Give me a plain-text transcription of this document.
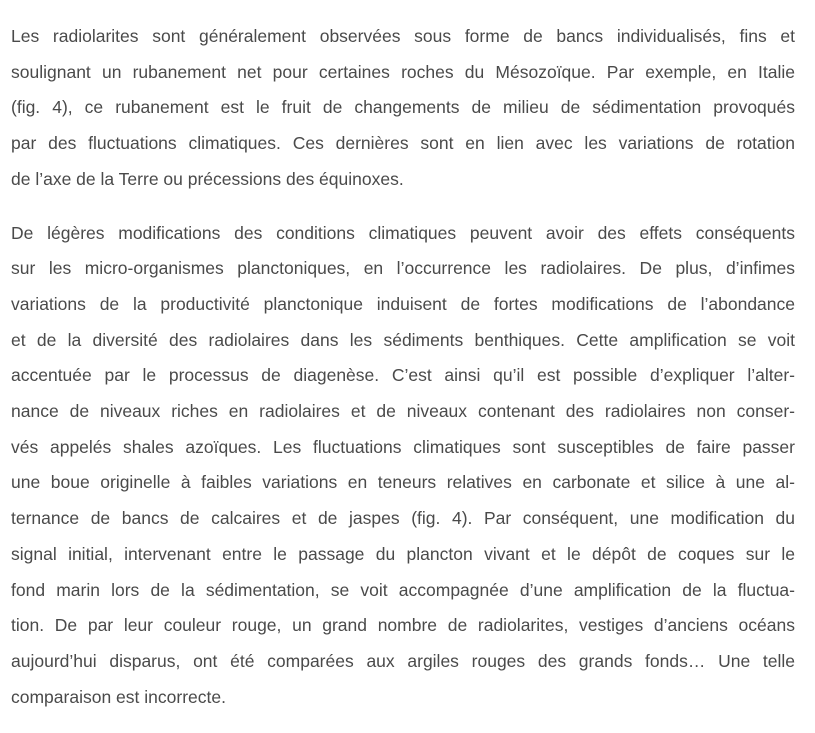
Les radiolarites sont généralement observées sous forme de bancs individualisés, fins et
soulignant un rubanement net pour certaines roches du Mésozoïque. Par exemple, en Italie
(fig. 4), ce rubanement est le fruit de changements de milieu de sédimentation provoqués
par des fluctuations climatiques. Ces dernières sont en lien avec les variations de rotation
de l’axe de la Terre ou précessions des équinoxes.

De légères modifications des conditions climatiques peuvent avoir des effets conséquents
sur les micro-organismes planctoniques, en l’occurrence les radiolaires. De plus, d’infimes
variations de la productivité planctonique induisent de fortes modifications de l’abondance
et de la diversité des radiolaires dans les sédiments benthiques. Cette amplification se voit
accentuée par le processus de diagenèse. C’est ainsi qu’il est possible d’expliquer l’alter-
nance de niveaux riches en radiolaires et de niveaux contenant des radiolaires non conser-
vés appelés shales azoïques. Les fluctuations climatiques sont susceptibles de faire passer
une boue originelle à faibles variations en teneurs relatives en carbonate et silice à une al-
ternance de bancs de calcaires et de jaspes (fig. 4). Par conséquent, une modification du
signal initial, intervenant entre le passage du plancton vivant et le dépôt de coques sur le
fond marin lors de la sédimentation, se voit accompagnée d’une amplification de la fluctua-
tion. De par leur couleur rouge, un grand nombre de radiolarites, vestiges d’anciens océans
aujourd’hui disparus, ont été comparées aux argiles rouges des grands fonds… Une telle
comparaison est incorrecte.
